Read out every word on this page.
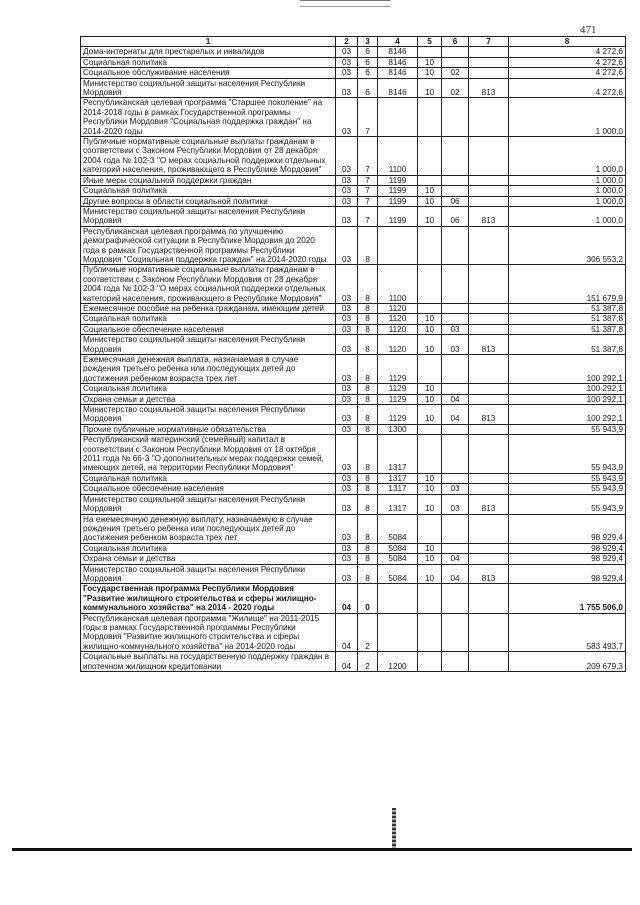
471
1	2	3	4	5	6	7	8
Дома-интернаты для престарелых и инвалидов	03	6	8146				4 272,6
Социальная политика	03	6	8146	10			4 272,6
Социальное обслуживание населения	03	6	8146	10	02		4 272,6
Министерство социальной защиты населения Республики Мордовия	03	6	8146	10	02	813	4 272,6
Республиканская целевая программа "Старшее поколение" на 2014-2018 годы в рамках Государственной программы Республики Мордовия "Социальная поддержка граждан" на 2014-2020 годы	03	7					1 000,0
Публичные нормативные социальные выплаты гражданам в соответствии с Законом Республики Мордовия от 28 декабря 2004 года № 102-З "О мерах социальной поддержки отдельных категорий населения, проживающего в Республике Мордовия"	03	7	1100				1 000,0
Иные меры социальной поддержки граждан	03	7	1199				1 000,0
Социальная политика	03	7	1199	10			1 000,0
Другие вопросы в области социальной политики	03	7	1199	10	06		1 000,0
Министерство социальной защиты населения Республики Мордовия	03	7	1199	10	06	813	1 000,0
Республиканская целевая программа по улучшению демографической ситуации в Республике Мордовия до 2020 года в рамках Государственной программы Республики Мордовия "Социальная поддержка граждан" на 2014-2020 годы	03	8					306 553,2
Публичные нормативные социальные выплаты гражданам в соответствии с Законом Республики Мордовия от 28 декабря 2004 года № 102-З "О мерах социальной поддержки отдельных категорий населения, проживающего в Республике Мордовия"	03	8	1100				151 679,9
Ежемесячное пособие на ребенка гражданам, имеющим детей	03	8	1120				51 387,8
Социальная политика	03	8	1120	10			51 387,8
Социальное обеспечение населения	03	8	1120	10	03		51 387,8
Министерство социальной защиты населения Республики Мордовия	03	8	1120	10	03	813	51 387,8
Ежемесячная денежная выплата, назначаемая в случае рождения третьего ребенка или последующих детей до достижения ребенком возраста трех лет	03	8	1129				100 292,1
Социальная политика	03	8	1129	10			100 292,1
Охрана семьи и детства	03	8	1129	10	04		100 292,1
Министерство социальной защиты населения Республики Мордовия	03	8	1129	10	04	813	100 292,1
Прочие публичные нормативные обязательства	03	8	1300				55 943,9
Республиканский материнский (семейный) капитал в соответствии с Законом Республики Мордовия от 18 октября 2011 года № 66-З "О дополнительных мерах поддержки семей, имеющих детей, на территории Республики Мордовия"	03	8	1317				55 943,9
Социальная политика	03	8	1317	10			55 943,9
Социальное обеспечение населения	03	8	1317	10	03		55 943,9
Министерство социальной защиты населения Республики Мордовия	03	8	1317	10	03	813	55 943,9
На ежемесячную денежную выплату, назначаемую в случае рождения третьего ребенка или последующих детей до достижения ребенком возраста трех лет	03	8	5084				98 929,4
Социальная политика	03	8	5084	10			98 929,4
Охрана семьи и детства	03	8	5084	10	04		98 929,4
Министерство социальной защиты населения Республики Мордовия	03	8	5084	10	04	813	98 929,4
Государственная программа Республики Мордовия "Развитие жилищного строительства и сферы жилищно-коммунального хозяйства" на 2014 - 2020 годы	04	0					1 755 506,0
Республиканская целевая программа "Жилище" на 2011-2015 годы в рамках Государственной программы Республики Мордовия "Развитие жилищного строительства и сферы жилищно-коммунального хозяйства" на 2014-2020 годы	04	2					583 493,7
Социальные выплаты на государственную поддержку граждан в ипотечном жилищном кредитовании	04	2	1200				209 679,3
